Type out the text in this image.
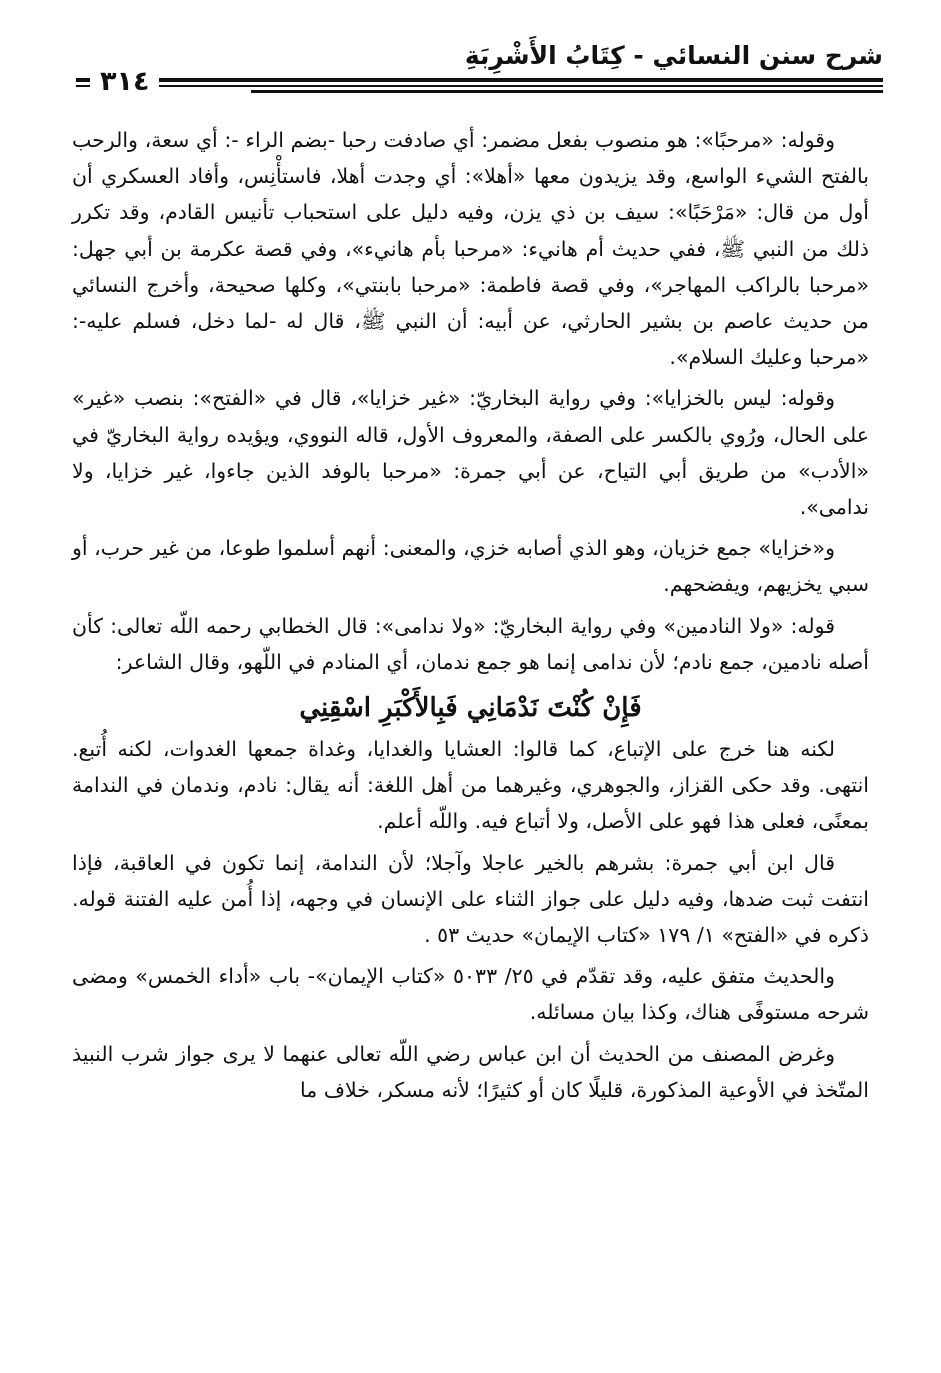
شرح سنن النسائي - كِتَابُ الأَشْرِبَةِ
٣١٤

وقوله: «مرحبًا»: هو منصوب بفعل مضمر: أي صادفت رحبا -بضم الراء -: أي سعة، والرحب بالفتح الشيء الواسع، وقد يزيدون معها «أهلا»: أي وجدت أهلا، فاستأْنِس، وأفاد العسكري أن أول من قال: «مَرْحَبًا»: سيف بن ذي يزن، وفيه دليل على استحباب تأنيس القادم، وقد تكرر ذلك من النبي ﷺ، ففي حديث أم هانيء: «مرحبا بأم هانيء»، وفي قصة عكرمة بن أبي جهل: «مرحبا بالراكب المهاجر»، وفي قصة فاطمة: «مرحبا بابنتي»، وكلها صحيحة، وأخرج النسائي من حديث عاصم بن بشير الحارثي، عن أبيه: أن النبي ﷺ، قال له -لما دخل، فسلم عليه-: «مرحبا وعليك السلام».

وقوله: ليس بالخزايا»: وفي رواية البخاريّ: «غير خزايا»، قال في «الفتح»: بنصب «غير» على الحال، ورُوي بالكسر على الصفة، والمعروف الأول، قاله النووي، ويؤيده رواية البخاريّ في «الأدب» من طريق أبي التياح، عن أبي جمرة: «مرحبا بالوفد الذين جاءوا، غير خزايا، ولا ندامى».

و«خزايا» جمع خزيان، وهو الذي أصابه خزي، والمعنى: أنهم أسلموا طوعا، من غير حرب، أو سبي يخزيهم، ويفضحهم.

قوله: «ولا النادمين» وفي رواية البخاريّ: «ولا ندامى»: قال الخطابي رحمه اللّه تعالى: كأن أصله نادمين، جمع نادم؛ لأن ندامى إنما هو جمع ندمان، أي المنادم في اللّهو، وقال الشاعر:

فَإِنْ كُنْتَ نَدْمَانِي فَبِالأَكْبَرِ اسْقِنِي

لكنه هنا خرج على الإتباع، كما قالوا: العشايا والغدايا، وغداة جمعها الغدوات، لكنه أُتبع. انتهى. وقد حكى القزاز، والجوهري، وغيرهما من أهل اللغة: أنه يقال: نادم، وندمان في الندامة بمعنًى، فعلى هذا فهو على الأصل، ولا أتباع فيه. واللّه أعلم.

قال ابن أبي جمرة: بشرهم بالخير عاجلا وآجلا؛ لأن الندامة، إنما تكون في العاقبة، فإذا انتفت ثبت ضدها، وفيه دليل على جواز الثناء على الإنسان في وجهه، إذا أُمن عليه الفتنة قوله. ذكره في «الفتح» ١/ ١٧٩ «كتاب الإيمان» حديث ٥٣ .

والحديث متفق عليه، وقد تقدّم في ٢٥/ ٥٠٣٣ «كتاب الإيمان»- باب «أداء الخمس» ومضى شرحه مستوفًى هناك، وكذا بيان مسائله.

وغرض المصنف من الحديث أن ابن عباس رضي اللّه تعالى عنهما لا يرى جواز شرب النبيذ المتّخذ في الأوعية المذكورة، قليلًا كان أو كثيرًا؛ لأنه مسكر، خلاف ما
